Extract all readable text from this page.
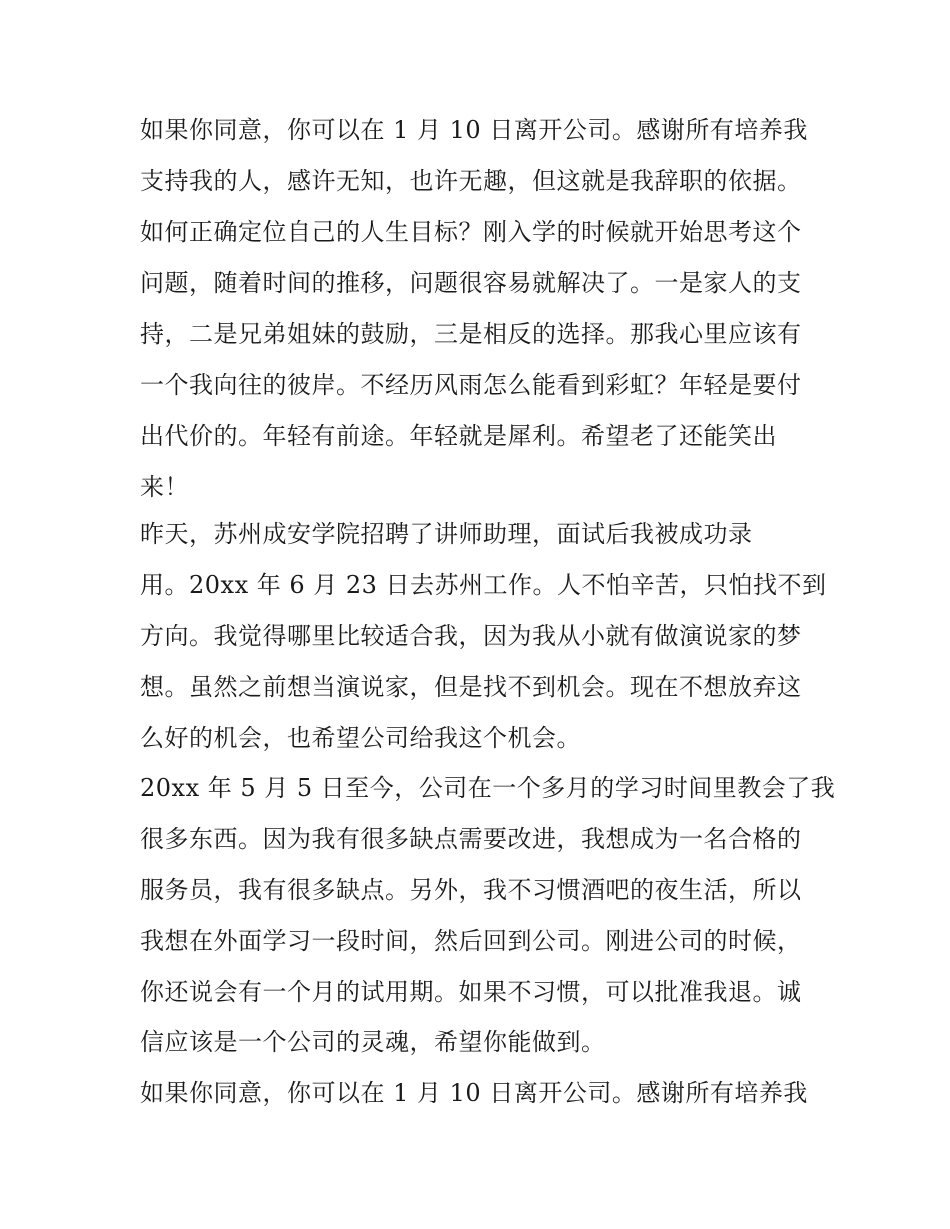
如果你同意，你可以在 1 月 10 日离开公司。感谢所有培养我
支持我的人，感许无知，也许无趣，但这就是我辞职的依据。
如何正确定位自己的人生目标？刚入学的时候就开始思考这个
问题，随着时间的推移，问题很容易就解决了。一是家人的支
持，二是兄弟姐妹的鼓励，三是相反的选择。那我心里应该有
一个我向往的彼岸。不经历风雨怎么能看到彩虹？年轻是要付
出代价的。年轻有前途。年轻就是犀利。希望老了还能笑出
来！
昨天，苏州成安学院招聘了讲师助理，面试后我被成功录
用。20xx 年 6 月 23 日去苏州工作。人不怕辛苦，只怕找不到
方向。我觉得哪里比较适合我，因为我从小就有做演说家的梦
想。虽然之前想当演说家，但是找不到机会。现在不想放弃这
么好的机会，也希望公司给我这个机会。
20xx 年 5 月 5 日至今，公司在一个多月的学习时间里教会了我
很多东西。因为我有很多缺点需要改进，我想成为一名合格的
服务员，我有很多缺点。另外，我不习惯酒吧的夜生活，所以
我想在外面学习一段时间，然后回到公司。刚进公司的时候，
你还说会有一个月的试用期。如果不习惯，可以批准我退。诚
信应该是一个公司的灵魂，希望你能做到。
如果你同意，你可以在 1 月 10 日离开公司。感谢所有培养我
